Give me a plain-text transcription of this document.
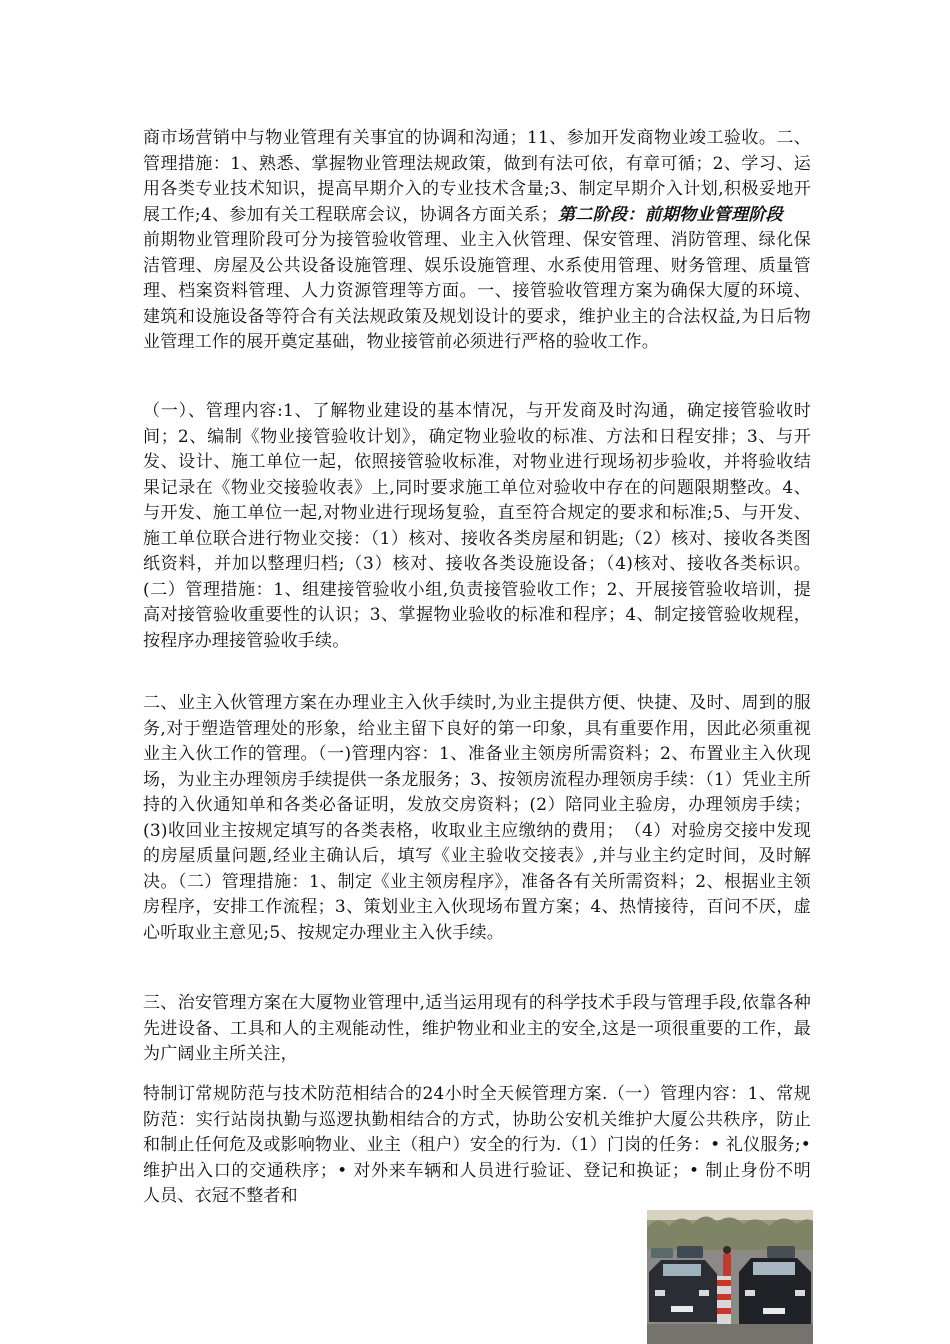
商市场营销中与物业管理有关事宜的协调和沟通；11、参加开发商物业竣工验收。二、管理措施：1、熟悉、掌握物业管理法规政策，做到有法可依，有章可循；2、学习、运用各类专业技术知识，提高早期介入的专业技术含量;3、制定早期介入计划,积极妥地开展工作;4、参加有关工程联席会议，协调各方面关系；第二阶段：前期物业管理阶段前期物业管理阶段可分为接管验收管理、业主入伙管理、保安管理、消防管理、绿化保洁管理、房屋及公共设备设施管理、娱乐设施管理、水系使用管理、财务管理、质量管理、档案资料管理、人力资源管理等方面。一、接管验收管理方案为确保大厦的环境、建筑和设施设备等符合有关法规政策及规划设计的要求，维护业主的合法权益,为日后物业管理工作的展开奠定基础，物业接管前必须进行严格的验收工作。

（一）、管理内容:1、了解物业建设的基本情况，与开发商及时沟通，确定接管验收时间；2、编制《物业接管验收计划》，确定物业验收的标准、方法和日程安排；3、与开发、设计、施工单位一起，依照接管验收标准，对物业进行现场初步验收，并将验收结果记录在《物业交接验收表》上,同时要求施工单位对验收中存在的问题限期整改。4、与开发、施工单位一起,对物业进行现场复验，直至符合规定的要求和标准;5、与开发、施工单位联合进行物业交接：（1）核对、接收各类房屋和钥匙;（2）核对、接收各类图纸资料，并加以整理归档;（3）核对、接收各类设施设备；（4)核对、接收各类标识。(二）管理措施：1、组建接管验收小组,负责接管验收工作；2、开展接管验收培训，提高对接管验收重要性的认识；3、掌握物业验收的标准和程序；4、制定接管验收规程，按程序办理接管验收手续。

二、业主入伙管理方案在办理业主入伙手续时,为业主提供方便、快捷、及时、周到的服务,对于塑造管理处的形象，给业主留下良好的第一印象，具有重要作用，因此必须重视业主入伙工作的管理。（一)管理内容：1、准备业主领房所需资料；2、布置业主入伙现场，为业主办理领房手续提供一条龙服务；3、按领房流程办理领房手续：（1）凭业主所持的入伙通知单和各类必备证明，发放交房资料；(2）陪同业主验房，办理领房手续；(3)收回业主按规定填写的各类表格，收取业主应缴纳的费用；　（4）对验房交接中发现的房屋质量问题,经业主确认后，填写《业主验收交接表》,并与业主约定时间，及时解决。（二）管理措施：1、制定《业主领房程序》，准备各有关所需资料；2、根据业主领房程序，安排工作流程；3、策划业主入伙现场布置方案；4、热情接待，百问不厌，虚心听取业主意见;5、按规定办理业主入伙手续。

三、治安管理方案在大厦物业管理中,适当运用现有的科学技术手段与管理手段,依靠各种先进设备、工具和人的主观能动性，维护物业和业主的安全,这是一项很重要的工作，最为广阔业主所关注，

特制订常规防范与技术防范相结合的24小时全天候管理方案.（一）管理内容：1、常规防范：实行站岗执勤与巡逻执勤相结合的方式，协助公安机关维护大厦公共秩序，防止和制止任何危及或影响物业、业主（租户）安全的行为.（1）门岗的任务：• 礼仪服务;• 维护出入口的交通秩序；• 对外来车辆和人员进行验证、登记和换证；• 制止身份不明人员、衣冠不整者和
